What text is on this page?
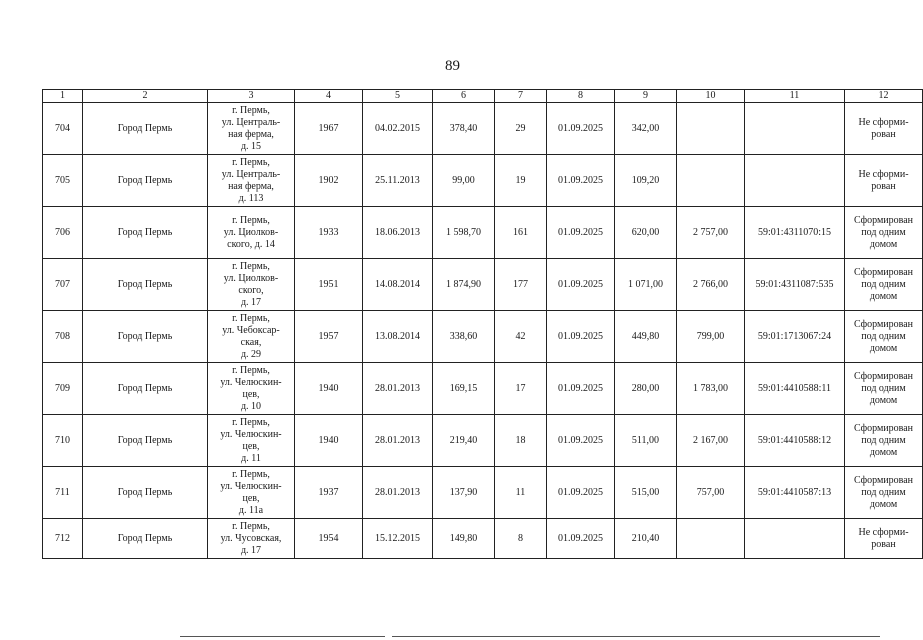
89
1	2	3	4	5	6	7	8	9	10	11	12
704	Город Пермь	г. Пермь,
ул. Централь-
ная ферма,
д. 15	1967	04.02.2015	378,40	29	01.09.2025	342,00			Не сформи-
рован
705	Город Пермь	г. Пермь,
ул. Централь-
ная ферма,
д. 113	1902	25.11.2013	99,00	19	01.09.2025	109,20			Не сформи-
рован
706	Город Пермь	г. Пермь,
ул. Циолков-
ского, д. 14	1933	18.06.2013	1 598,70	161	01.09.2025	620,00	2 757,00	59:01:4311070:15	Сформирован
под одним
домом
707	Город Пермь	г. Пермь,
ул. Циолков-
ского,
д. 17	1951	14.08.2014	1 874,90	177	01.09.2025	1 071,00	2 766,00	59:01:4311087:535	Сформирован
под одним
домом
708	Город Пермь	г. Пермь,
ул. Чебоксар-
ская,
д. 29	1957	13.08.2014	338,60	42	01.09.2025	449,80	799,00	59:01:1713067:24	Сформирован
под одним
домом
709	Город Пермь	г. Пермь,
ул. Челюскин-
цев,
д. 10	1940	28.01.2013	169,15	17	01.09.2025	280,00	1 783,00	59:01:4410588:11	Сформирован
под одним
домом
710	Город Пермь	г. Пермь,
ул. Челюскин-
цев,
д. 11	1940	28.01.2013	219,40	18	01.09.2025	511,00	2 167,00	59:01:4410588:12	Сформирован
под одним
домом
711	Город Пермь	г. Пермь,
ул. Челюскин-
цев,
д. 11а	1937	28.01.2013	137,90	11	01.09.2025	515,00	757,00	59:01:4410587:13	Сформирован
под одним
домом
712	Город Пермь	г. Пермь,
ул. Чусовская,
д. 17	1954	15.12.2015	149,80	8	01.09.2025	210,40			Не сформи-
рован
